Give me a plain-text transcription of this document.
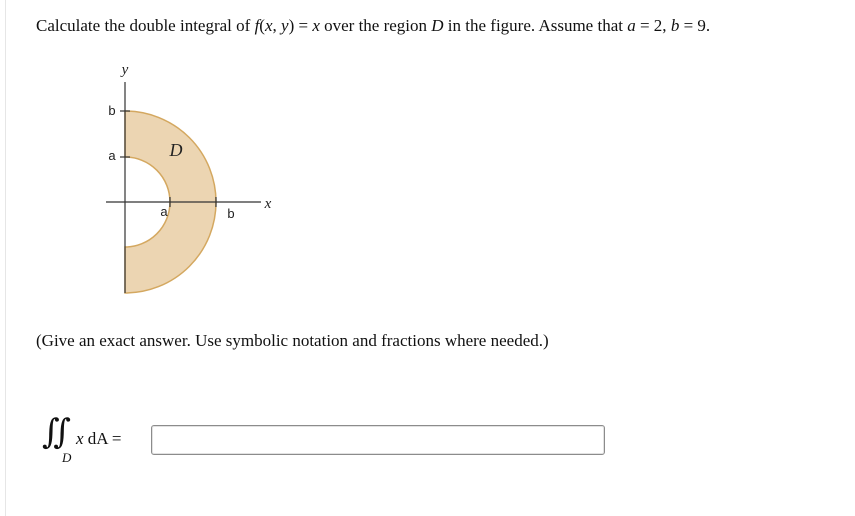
Calculate the double integral of f(x, y) = x over the region D in the figure. Assume that a = 2, b = 9.
y
x
b
a
a	b
D
(Give an exact answer. Use symbolic notation and fractions where needed.)
∬
D
x dA =
